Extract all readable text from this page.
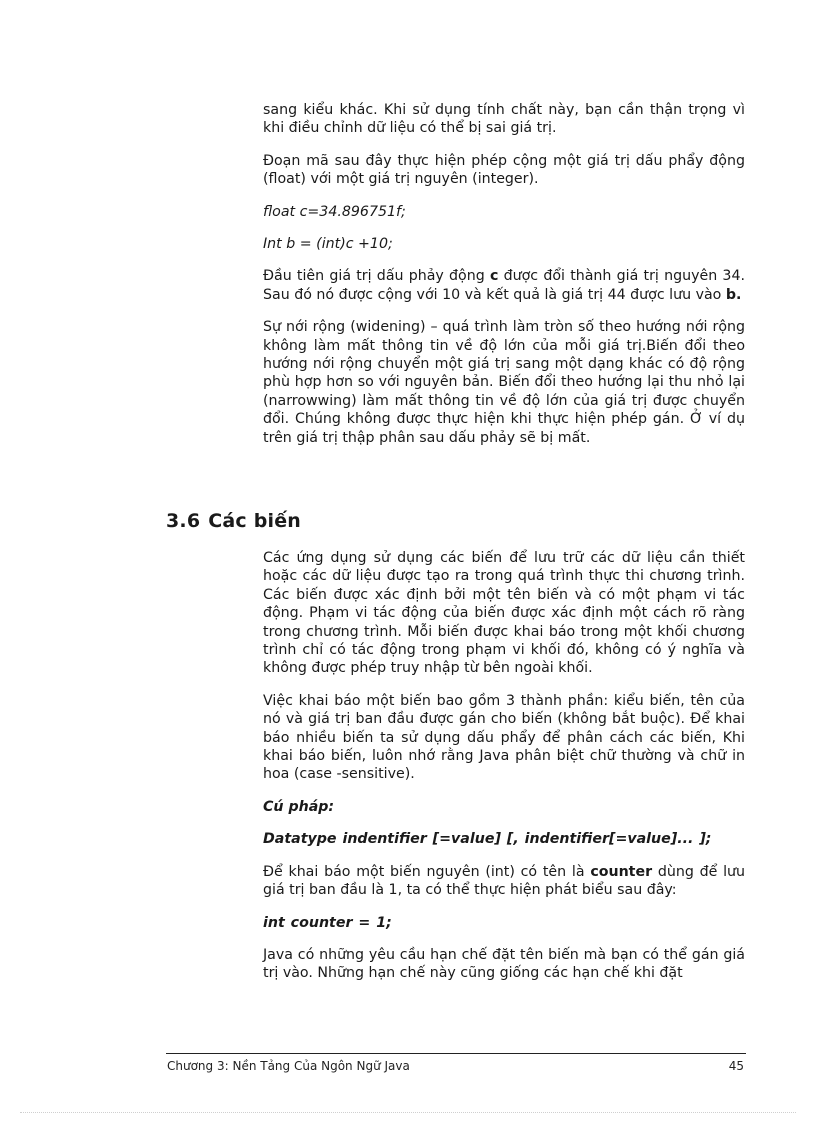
sang kiểu khác. Khi sử dụng tính chất này, bạn cần thận trọng vì khi điều chỉnh dữ liệu có thể bị sai giá trị.

Đoạn mã sau đây thực hiện phép cộng một giá trị dấu phẩy động (float) với một giá trị nguyên (integer).

float c=34.896751f;

Int b = (int)c +10;

Đầu tiên giá trị dấu phảy động c được đổi thành giá trị nguyên 34. Sau đó nó được cộng với 10 và kết quả là giá trị 44 được lưu vào b.

Sự nới rộng (widening) – quá trình làm tròn số theo hướng nới rộng không làm mất thông tin về độ lớn của mỗi giá trị.Biến đổi theo hướng nới rộng chuyển một giá trị sang một dạng khác có độ rộng phù hợp hơn so với nguyên bản. Biến đổi theo hướng lại thu nhỏ lại (narrowwing) làm mất thông tin về độ lớn của giá trị được chuyển đổi. Chúng không được thực hiện khi thực hiện phép gán. Ở ví dụ trên giá trị thập phân sau dấu phảy sẽ bị mất.

3.6 Các biến

Các ứng dụng sử dụng các biến để lưu trữ các dữ liệu cần thiết hoặc các dữ liệu được tạo ra trong quá trình thực thi chương trình. Các biến được xác định bởi một tên biến và có một phạm vi tác động. Phạm vi tác động của biến được xác định một cách rõ ràng trong chương trình. Mỗi biến được khai báo trong một khối chương trình chỉ có tác động trong phạm vi khối đó, không có ý nghĩa và không được phép truy nhập từ bên ngoài khối.

Việc khai báo một biến bao gồm 3 thành phần: kiểu biến, tên của nó và giá trị ban đầu được gán cho biến (không bắt buộc). Để khai báo nhiều biến ta sử dụng dấu phẩy để phân cách các biến, Khi khai báo biến, luôn nhớ rằng Java phân biệt chữ thường và chữ in hoa (case -sensitive).

Cú pháp:

Datatype indentifier [=value] [, indentifier[=value]... ];

Để khai báo một biến nguyên (int) có tên là counter dùng để lưu giá trị ban đầu là 1, ta có thể thực hiện phát biểu sau đây:

int counter = 1;

Java có những yêu cầu hạn chế đặt tên biến mà bạn có thể gán giá trị vào. Những hạn chế này cũng giống các hạn chế khi đặt

Chương 3: Nền Tảng Của Ngôn Ngữ Java	45
